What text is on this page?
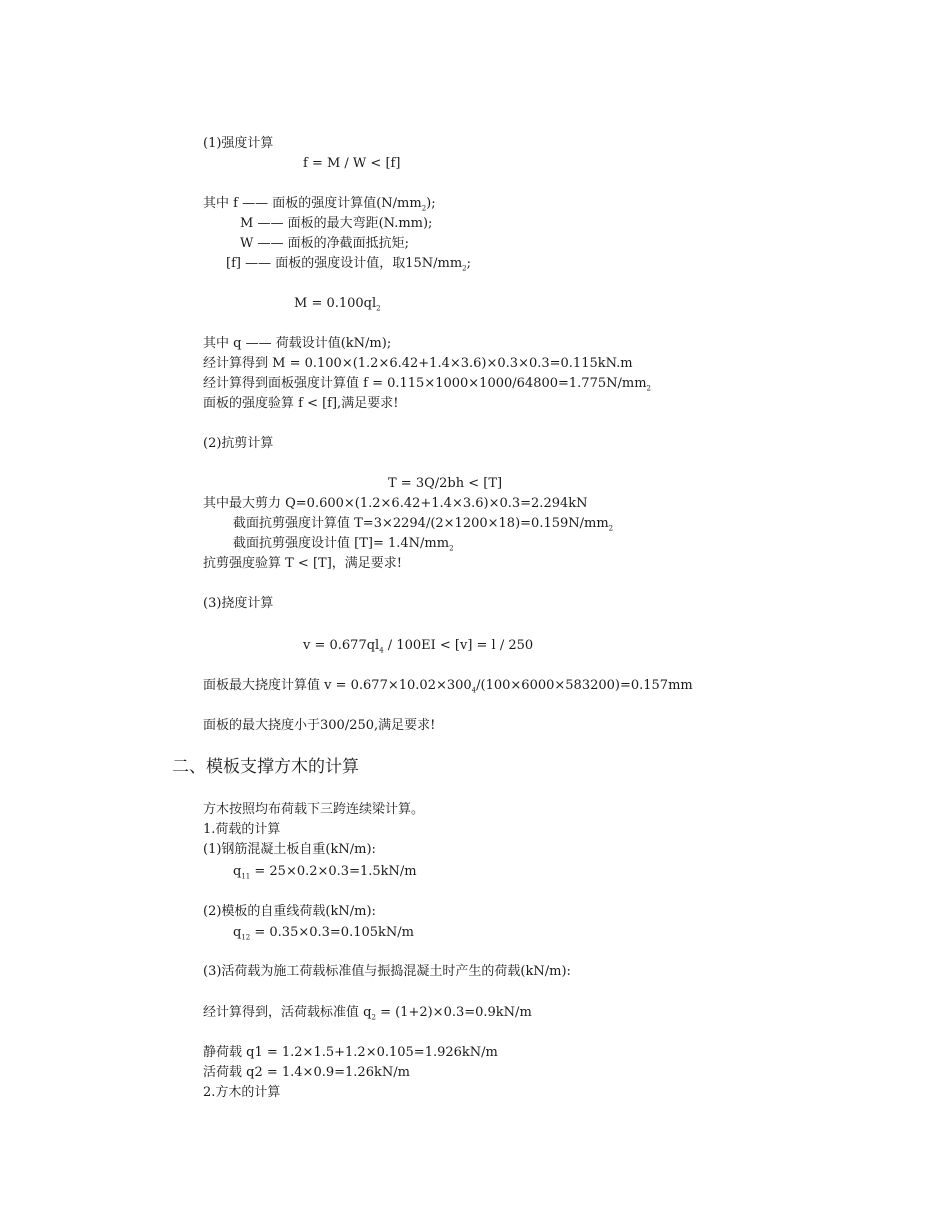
(1)强度计算
f = M / W < [f]
其中 f —— 面板的强度计算值$(N/mm_2)$;
M —— 面板的最大弯距(N.mm);
W —— 面板的净截面抵抗矩;
[f] —— 面板的强度设计值，取$15N/mm_2$;
$M = 0.100ql_2$
其中 q —— 荷载设计值(kN/m);
经计算得到 M = 0.100×(1.2×6.42+1.4×3.6)×0.3×0.3=0.115kN.m
经计算得到面板强度计算值 $f = 0.115\times 1000\times 1000/64800=1.775N/mm_2$
面板的强度验算 f < [f],满足要求!
(2)抗剪计算
T = 3Q/2bh < [T]
其中最大剪力 Q=0.600×(1.2×6.42+1.4×3.6)×0.3=2.294kN
截面抗剪强度计算值 $T=3\times 2294/(2\times 1200\times 18)=0.159N/mm_2$
截面抗剪强度设计值 $[T]= 1.4N/mm_2$
抗剪强度验算 T < [T]，满足要求!
(3)挠度计算
$v = 0.677ql_4 / 100EI < [v] = l / 250$
面板最大挠度计算值 $v = 0.677\times 10.02\times 300_4/(100\times 6000\times 583200)=0.157mm$
面板的最大挠度小于300/250,满足要求!
二、模板支撑方木的计算
方木按照均布荷载下三跨连续梁计算。
1.荷载的计算
(1)钢筋混凝土板自重(kN/m):
$q_{11} = 25\times 0.2\times 0.3=1.5kN/m$
(2)模板的自重线荷载(kN/m):
$q_{12} = 0.35\times 0.3=0.105kN/m$
(3)活荷载为施工荷载标准值与振捣混凝土时产生的荷载(kN/m):
经计算得到，活荷载标准值 $q_2 = (1+2)\times 0.3=0.9kN/m$
静荷载 q1 = 1.2×1.5+1.2×0.105=1.926kN/m
活荷载 q2 = 1.4×0.9=1.26kN/m
2.方木的计算
